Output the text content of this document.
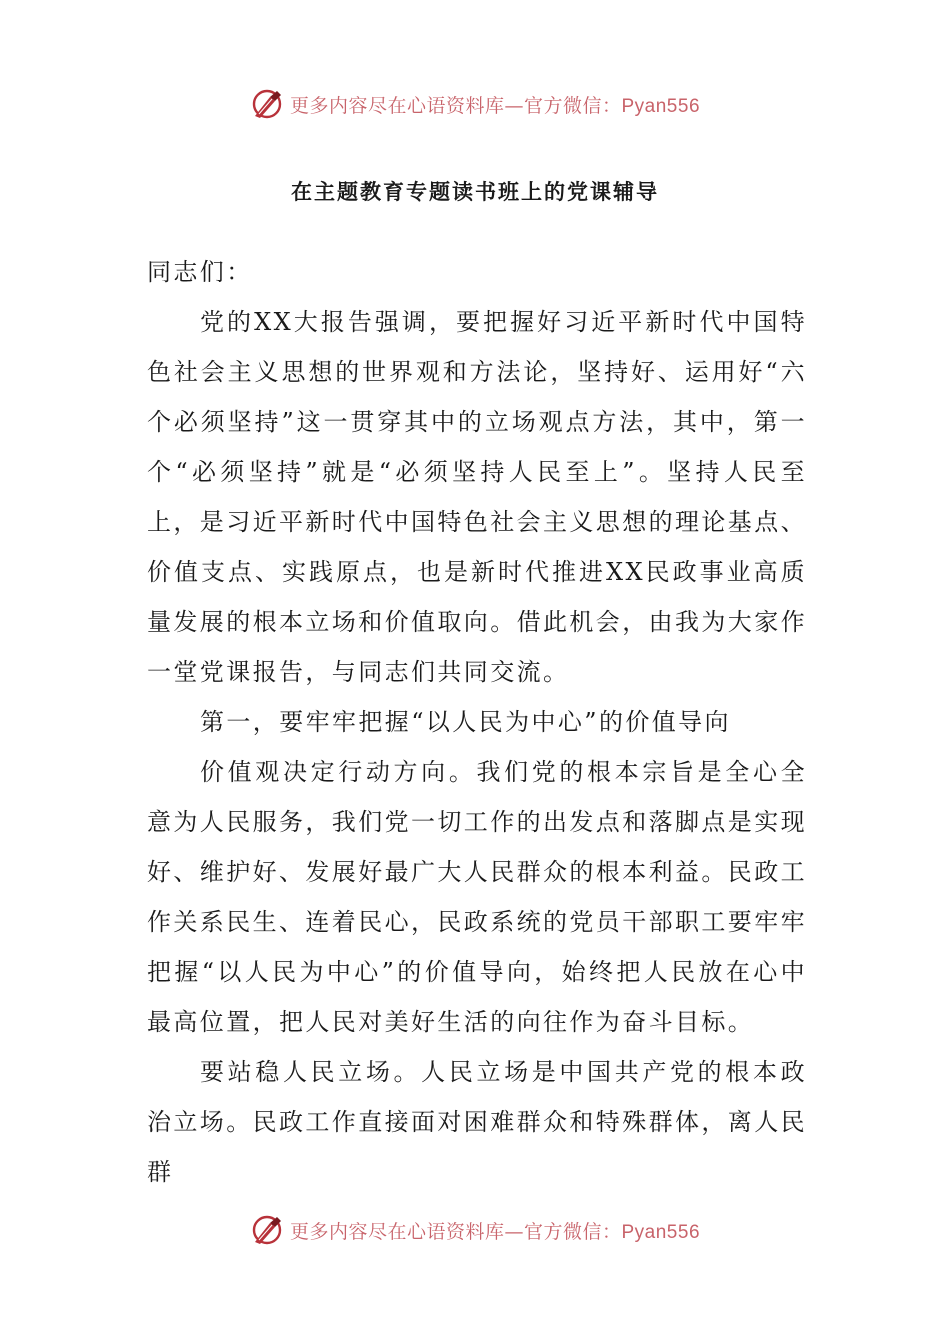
更多内容尽在心语资料库—官方微信：Pyan556
在主题教育专题读书班上的党课辅导

同志们：

党的XX大报告强调，要把握好习近平新时代中国特色社会主义思想的世界观和方法论，坚持好、运用好“六个必须坚持”这一贯穿其中的立场观点方法，其中，第一个“必须坚持”就是“必须坚持人民至上”。坚持人民至上，是习近平新时代中国特色社会主义思想的理论基点、价值支点、实践原点，也是新时代推进XX民政事业高质量发展的根本立场和价值取向。借此机会，由我为大家作一堂党课报告，与同志们共同交流。

第一，要牢牢把握“以人民为中心”的价值导向

价值观决定行动方向。我们党的根本宗旨是全心全意为人民服务，我们党一切工作的出发点和落脚点是实现好、维护好、发展好最广大人民群众的根本利益。民政工作关系民生、连着民心，民政系统的党员干部职工要牢牢把握“以人民为中心”的价值导向，始终把人民放在心中最高位置，把人民对美好生活的向往作为奋斗目标。

要站稳人民立场。人民立场是中国共产党的根本政治立场。民政工作直接面对困难群众和特殊群体，离人民群

更多内容尽在心语资料库—官方微信：Pyan556
